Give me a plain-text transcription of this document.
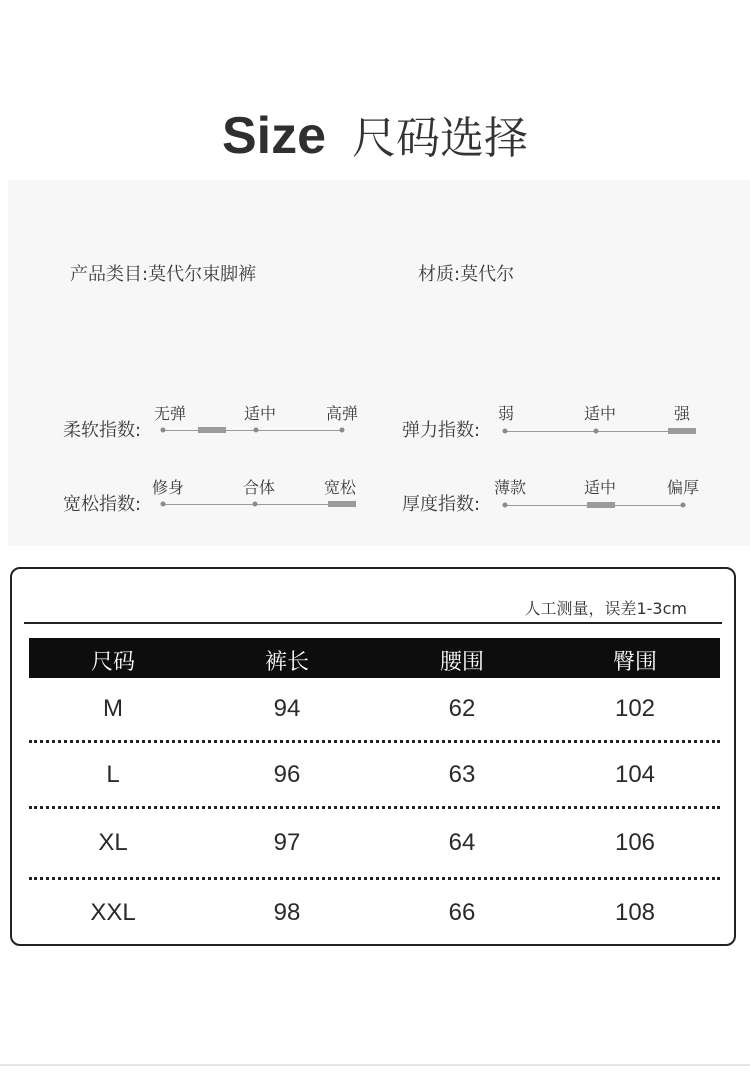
Size 尺码选择
产品类目:莫代尔束脚裤	材质:莫代尔
柔软指数:
无弹	适中	高弹
弹力指数:
弱	适中	强
宽松指数:
修身	合体	宽松
厚度指数:
薄款	适中	偏厚
人工测量，误差1-3cm
尺码	裤长	腰围	臀围
M	94	62	102
L	96	63	104
XL	97	64	106
XXL	98	66	108
